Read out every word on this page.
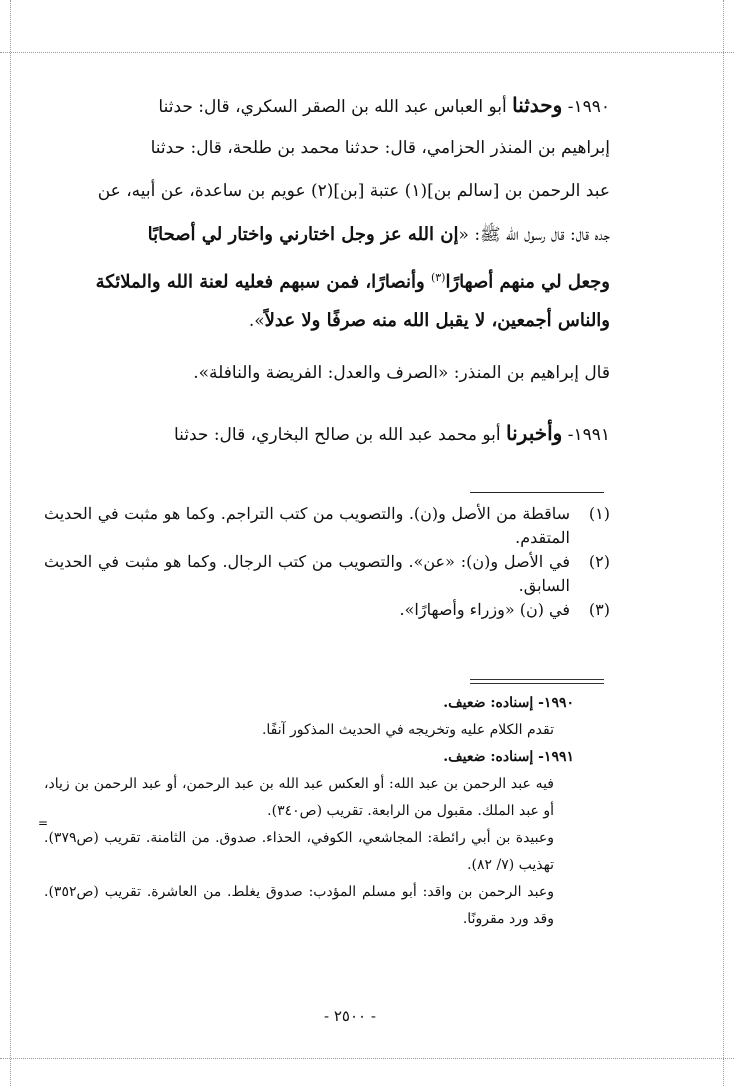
١٩٩٠- وحدثنا أبو العباس عبد الله بن الصقر السكري، قال: حدثنا
إبراهيم بن المنذر الحزامي، قال: حدثنا محمد بن طلحة، قال: حدثنا
عبد الرحمن بن [سالم بن](١) عتبة [بن](٢) عويم بن ساعدة، عن أبيه، عن
جده قال: قال رسول الله ﷺ: «إن الله عز وجل اختارني واختار لي أصحابًا
وجعل لي منهم أصهارًا$^{(٣)}$ وأنصارًا، فمن سبهم فعليه لعنة الله والملائكة
والناس أجمعين، لا يقبل الله منه صرفًا ولا عدلاً».
قال إبراهيم بن المنذر: «الصرف والعدل: الفريضة والنافلة».
١٩٩١- وأخبرنا أبو محمد عبد الله بن صالح البخاري، قال: حدثنا
(١)
ساقطة من الأصل و(ن). والتصويب من كتب التراجم. وكما هو مثبت في الحديث المتقدم.
(٢)
في الأصل و(ن): «عن». والتصويب من كتب الرجال. وكما هو مثبت في الحديث السابق.
(٣)
في (ن) «وزراء وأصهارًا».
١٩٩٠- إسناده: ضعيف.
تقدم الكلام عليه وتخريجه في الحديث المذكور آنفًا.
١٩٩١- إسناده: ضعيف.
فيه عبد الرحمن بن عبد الله: أو العكس عبد الله بن عبد الرحمن، أو عبد الرحمن بن زياد، أو عبد الملك. مقبول من الرابعة. تقريب (ص٣٤٠).
وعبيدة بن أبي رائطة: المجاشعي، الكوفي، الحذاء. صدوق. من الثامنة. تقريب (ص٣٧٩). تهذيب (٧/ ٨٢).
وعبد الرحمن بن واقد: أبو مسلم المؤدب: صدوق يغلط. من العاشرة. تقريب (ص٣٥٢). وقد ورد مقرونًا.
=
- ٢٥٠٠ -
